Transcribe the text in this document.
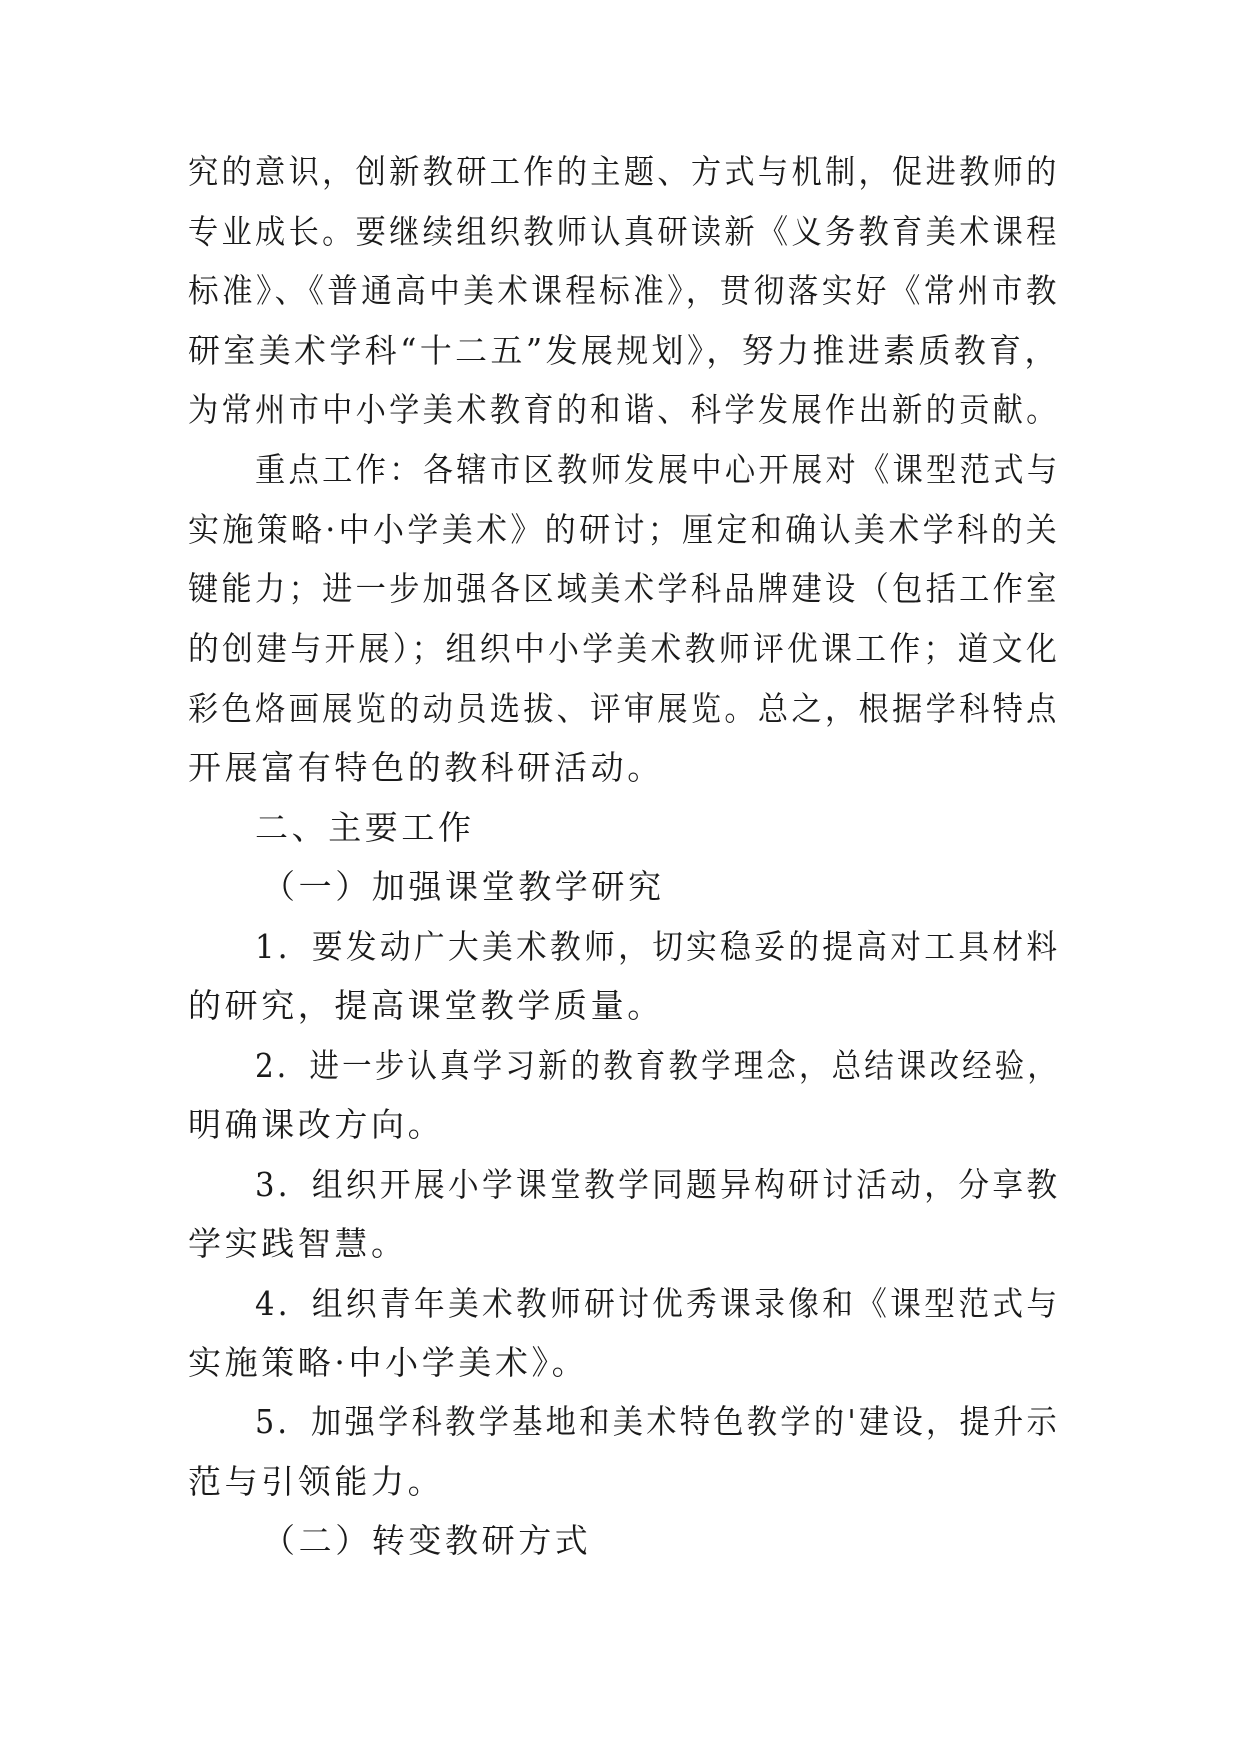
究的意识，创新教研工作的主题、方式与机制，促进教师的
专业成长。要继续组织教师认真研读新《义务教育美术课程
标准》、《普通高中美术课程标准》，贯彻落实好《常州市教
研室美术学科“十二五”发展规划》，努力推进素质教育，
为常州市中小学美术教育的和谐、科学发展作出新的贡献。
重点工作：各辖市区教师发展中心开展对《课型范式与
实施策略·中小学美术》的研讨；厘定和确认美术学科的关
键能力；进一步加强各区域美术学科品牌建设（包括工作室
的创建与开展）；组织中小学美术教师评优课工作；道文化
彩色烙画展览的动员选拔、评审展览。总之，根据学科特点
开展富有特色的教科研活动。
二、主要工作
（一）加强课堂教学研究
1．要发动广大美术教师，切实稳妥的提高对工具材料
的研究，提高课堂教学质量。
2．进一步认真学习新的教育教学理念，总结课改经验，
明确课改方向。
3．组织开展小学课堂教学同题异构研讨活动，分享教
学实践智慧。
4．组织青年美术教师研讨优秀课录像和《课型范式与
实施策略·中小学美术》。
5．加强学科教学基地和美术特色教学的'建设，提升示
范与引领能力。
（二）转变教研方式
